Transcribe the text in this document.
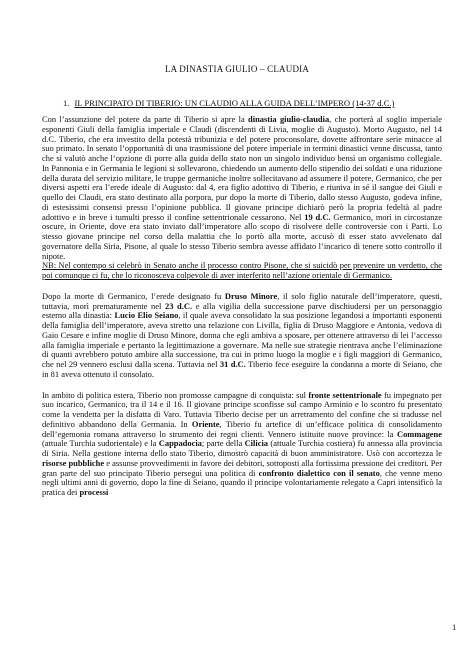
LA DINASTIA GIULIO – CLAUDIA
1. IL PRINCIPATO DI TIBERIO: UN CLAUDIO ALLA GUIDA DELL’IMPERO (14-37 d.C.)

Con l’assunzione del potere da parte di Tiberio si apre la dinastia giulio-claudia, che porterà al soglio imperiale esponenti Giuli della famiglia imperiale e Claudi (discendenti di Livia, moglie di Augusto). Morto Augusto, nel 14 d.C. Tiberio, che era investito della potestà tribunizia e del potere proconsolare, dovette affrontare serie minacce al suo primato. In senato l’opportunità di una trasmissione del potere imperiale in termini dinastici venne discussa, tanto che si valutò anche l’opzione di porre alla guida dello stato non un singolo individuo bensì un organismo collegiale. In Pannonia e in Germania le legioni si sollevarono, chiedendo un aumento dello stipendio dei soldati e una riduzione della durata del servizio militare, le truppe germaniche inoltre sollecitavano ad assumere il potere, Germanico, che per diversi aspetti era l’erede ideale di Augusto: dal 4, era figlio adottivo di Tiberio, e riuniva in sé il sangue dei Giuli e quello dei Claudi, era stato destinato alla porpora, pur dopo la morte di Tiberio, dallo stesso Augusto, godeva infine, di estesissimi consensi presso l’opinione pubblica. Il giovane principe dichiarò però la propria fedeltà al padre adottivo e in breve i tumulti presso il confine settentrionale cessarono. Nel 19 d.C. Germanico, morì in circostanze oscure, in Oriente, dove era stato inviato dall’imperatore allo scopo di risolvere delle controversie con i Parti. Lo stesso giovane principe nel corso della malattia che lo portò alla morte, accusò di esser stato avvelenato dal governatore della Siria, Pisone, al quale lo stesso Tiberio sembra avesse affidato l’incarico di tenere sotto controllo il nipote.

NB: Nel contempo si celebrò in Senato anche il processo contro Pisone, che si suicidò per prevenire un verdetto, che poi comunque ci fu, che lo riconosceva colpevole di aver interferito nell’azione orientale di Germanico.

Dopo la morte di Germanico, l’erede designato fu Druso Minore, il solo figlio naturale dell’imperatore, questi, tuttavia, morì prematuramente nel 23 d.C. e alla vigilia della successione parve dischiudersi per un personaggio esterno alla dinastia: Lucio Elio Seiano, il quale aveva consolidato la sua posizione legandosi a importanti esponenti della famiglia dell’imperatore, aveva stretto una relazione con Livilla, figlia di Druso Maggiore e Antonia, vedova di Gaio Cesare e infine moglie di Druso Minore, donna che egli ambiva a sposare, per ottenere attraverso di lei l’accesso alla famiglia imperiale e pertanto la legittimazione a governare. Ma nelle sue strategie rientrava anche l’eliminazione di quanti avrebbero potuto ambire alla successione, tra cui in primo luogo la moglie e i figli maggiori di Germanico, che nel 29 vennero esclusi dalla scena. Tuttavia nel 31 d.C. Tiberio fece eseguire la condanna a morte di Seiano, che in 81 aveva ottenuto il consolato.

In ambito di politica estera, Tiberio non promosse campagne di conquista: sul fronte settentrionale fu impegnato per suo incarico, Germanico, tra il 14 e il 16. Il giovane principe sconfisse sul campo Arminio e lo scontro fu presentato come la vendetta per la disfatta di Varo. Tuttavia Tiberio decise per un arretramento del confine che si tradusse nel definitivo abbandono della Germania. In Oriente, Tiberio fu artefice di un’efficace politica di consolidamento dell’egemonia romana attraverso lo strumento dei regni clienti. Vennero istituite nuove province: la Commagene (attuale Turchia sudorientale) e la Cappadocia; parte della Cilicia (attuale Turchia costiera) fu annessa alla provincia di Siria. Nella gestione interna dello stato Tiberio, dimostrò capacità di buon amministratore. Usò con accortezza le risorse pubbliche e assunse provvedimenti in favore dei debitori, sottoposti alla fortissima pressione dei creditori. Per gran parte del suo principato Tiberio perseguì una politica di confronto dialettico con il senato, che venne meno negli ultimi anni di governo, dopo la fine di Seiano, quando il principe volontariamente relegato a Capri intensificò la pratica dei processi

1
